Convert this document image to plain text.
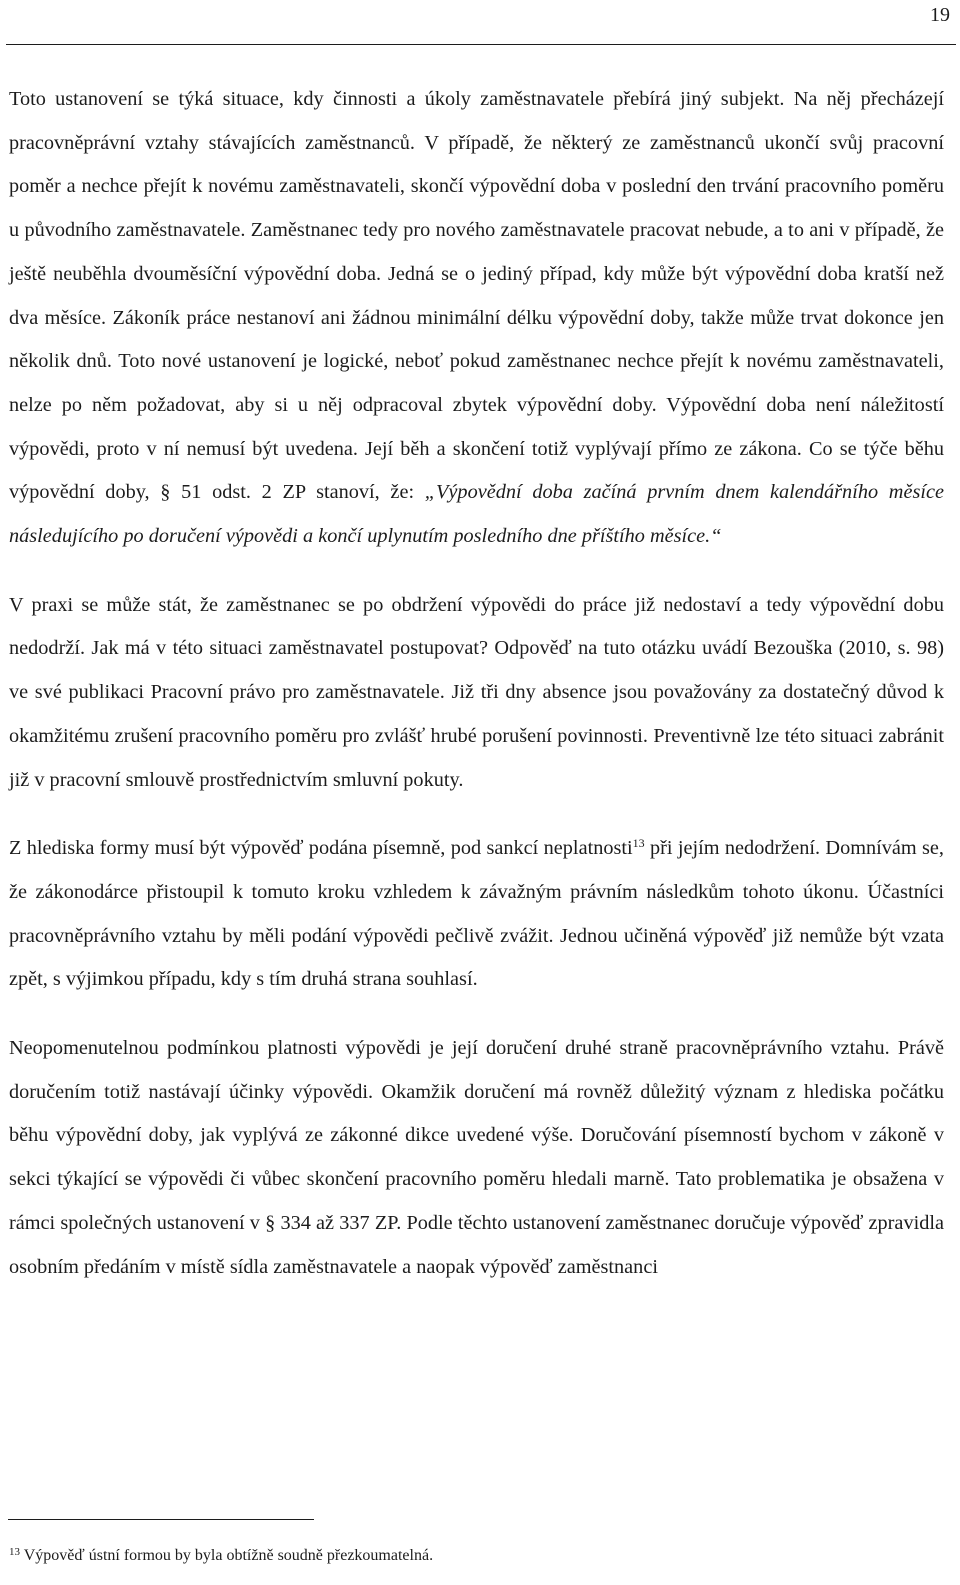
19

Toto ustanovení se týká situace, kdy činnosti a úkoly zaměstnavatele přebírá jiný subjekt. Na něj přecházejí pracovněprávní vztahy stávajících zaměstnanců. V případě, že některý ze zaměstnanců ukončí svůj pracovní poměr a nechce přejít k novému zaměstnavateli, skončí výpovědní doba v poslední den trvání pracovního poměru u původního zaměstnavatele. Zaměstnanec tedy pro nového zaměstnavatele pracovat nebude, a to ani v případě, že ještě neuběhla dvouměsíční výpovědní doba. Jedná se o jediný případ, kdy může být výpovědní doba kratší než dva měsíce. Zákoník práce nestanoví ani žádnou minimální délku výpovědní doby, takže může trvat dokonce jen několik dnů. Toto nové ustanovení je logické, neboť pokud zaměstnanec nechce přejít k novému zaměstnavateli, nelze po něm požadovat, aby si u něj odpracoval zbytek výpovědní doby. Výpovědní doba není náležitostí výpovědi, proto v ní nemusí být uvedena. Její běh a skončení totiž vyplývají přímo ze zákona. Co se týče běhu výpovědní doby, § 51 odst. 2 ZP stanoví, že: „Výpovědní doba začíná prvním dnem kalendářního měsíce následujícího po doručení výpovědi a končí uplynutím posledního dne příštího měsíce.“

V praxi se může stát, že zaměstnanec se po obdržení výpovědi do práce již nedostaví a tedy výpovědní dobu nedodrží. Jak má v této situaci zaměstnavatel postupovat? Odpověď na tuto otázku uvádí Bezouška (2010, s. 98) ve své publikaci Pracovní právo pro zaměstnavatele. Již tři dny absence jsou považovány za dostatečný důvod k okamžitému zrušení pracovního poměru pro zvlášť hrubé porušení povinnosti. Preventivně lze této situaci zabránit již v pracovní smlouvě prostřednictvím smluvní pokuty.

Z hlediska formy musí být výpověď podána písemně, pod sankcí neplatnosti$^{13}$ při jejím nedodržení. Domnívám se, že zákonodárce přistoupil k tomuto kroku vzhledem k závažným právním následkům tohoto úkonu. Účastníci pracovněprávního vztahu by měli podání výpovědi pečlivě zvážit. Jednou učiněná výpověď již nemůže být vzata zpět, s výjimkou případu, kdy s tím druhá strana souhlasí.

Neopomenutelnou podmínkou platnosti výpovědi je její doručení druhé straně pracovněprávního vztahu. Právě doručením totiž nastávají účinky výpovědi. Okamžik doručení má rovněž důležitý význam z hlediska počátku běhu výpovědní doby, jak vyplývá ze zákonné dikce uvedené výše. Doručování písemností bychom v zákoně v sekci týkající se výpovědi či vůbec skončení pracovního poměru hledali marně. Tato problematika je obsažena v rámci společných ustanovení v § 334 až 337 ZP. Podle těchto ustanovení zaměstnanec doručuje výpověď zpravidla osobním předáním v místě sídla zaměstnavatele a naopak výpověď zaměstnanci

$^{13}$ Výpověď ústní formou by byla obtížně soudně přezkoumatelná.
